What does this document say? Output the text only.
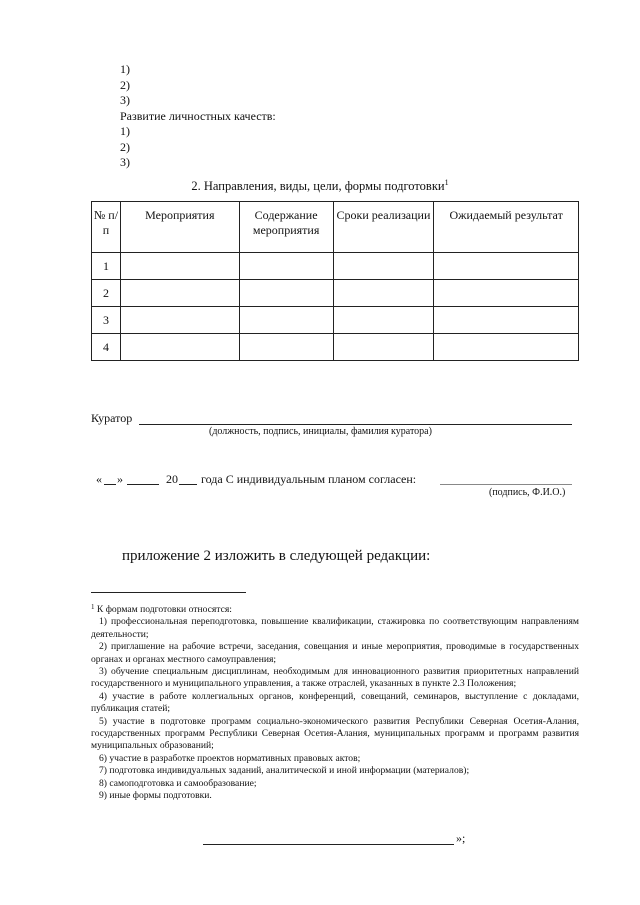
1)
2)
3)
Развитие личностных качеств:
1)
2)
3)
2. Направления, виды, цели, формы подготовки$^1$
№ п/п	Мероприятия	Содержание мероприятия	Сроки реализации	Ожидаемый результат
1				
2				
3				
4				
Куратор
(должность, подпись, инициалы, фамилия куратора)
« »	20 года С индивидуальным планом согласен:
(подпись, Ф.И.О.)
приложение 2 изложить в следующей редакции:

$^1$ К формам подготовки относятся:

1) профессиональная переподготовка, повышение квалификации, стажировка по соответствующим направлениям деятельности;

2) приглашение на рабочие встречи, заседания, совещания и иные мероприятия, проводимые в государственных органах и органах местного самоуправления;

3) обучение специальным дисциплинам, необходимым для инновационного развития приоритетных направлений государственного и муниципального управления, а также отраслей, указанных в пункте 2.3 Положения;

4) участие в работе коллегиальных органов, конференций, совещаний, семинаров, выступление с докладами, публикация статей;

5) участие в подготовке программ социально-экономического развития Республики Северная Осетия-Алания, государственных программ Республики Северная Осетия-Алания, муниципальных программ и программ развития муниципальных образований;

6) участие в разработке проектов нормативных правовых актов;

7) подготовка индивидуальных заданий, аналитической и иной информации (материалов);

8) самоподготовка и самообразование;

9) иные формы подготовки.

»;
